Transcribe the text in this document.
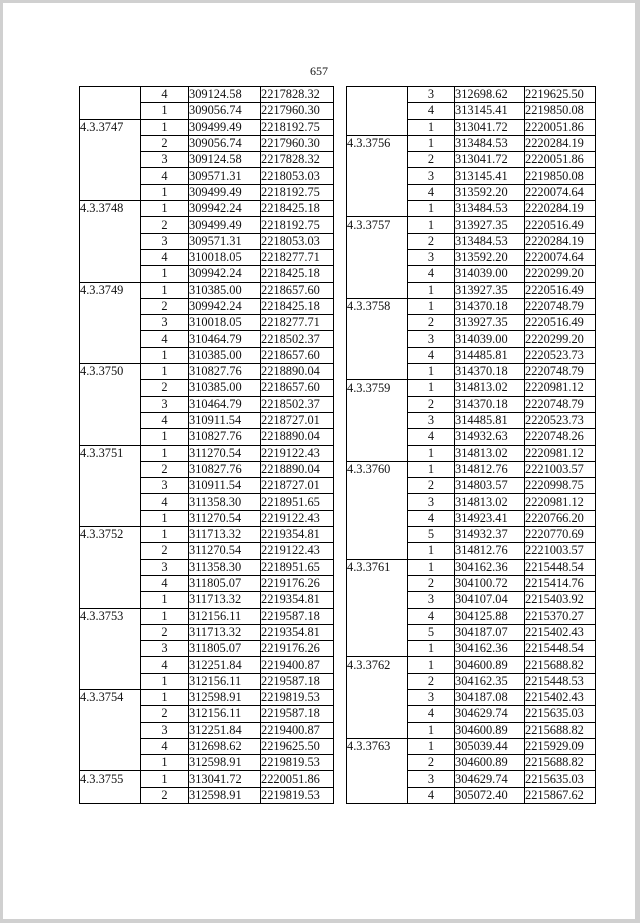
657
	4	309124.58	2217828.32
	1	309056.74	2217960.30
4.3.3747	1	309499.49	2218192.75
	2	309056.74	2217960.30
	3	309124.58	2217828.32
	4	309571.31	2218053.03
	1	309499.49	2218192.75
4.3.3748	1	309942.24	2218425.18
	2	309499.49	2218192.75
	3	309571.31	2218053.03
	4	310018.05	2218277.71
	1	309942.24	2218425.18
4.3.3749	1	310385.00	2218657.60
	2	309942.24	2218425.18
	3	310018.05	2218277.71
	4	310464.79	2218502.37
	1	310385.00	2218657.60
4.3.3750	1	310827.76	2218890.04
	2	310385.00	2218657.60
	3	310464.79	2218502.37
	4	310911.54	2218727.01
	1	310827.76	2218890.04
4.3.3751	1	311270.54	2219122.43
	2	310827.76	2218890.04
	3	310911.54	2218727.01
	4	311358.30	2218951.65
	1	311270.54	2219122.43
4.3.3752	1	311713.32	2219354.81
	2	311270.54	2219122.43
	3	311358.30	2218951.65
	4	311805.07	2219176.26
	1	311713.32	2219354.81
4.3.3753	1	312156.11	2219587.18
	2	311713.32	2219354.81
	3	311805.07	2219176.26
	4	312251.84	2219400.87
	1	312156.11	2219587.18
4.3.3754	1	312598.91	2219819.53
	2	312156.11	2219587.18
	3	312251.84	2219400.87
	4	312698.62	2219625.50
	1	312598.91	2219819.53
4.3.3755	1	313041.72	2220051.86
	2	312598.91	2219819.53
	3	312698.62	2219625.50
	4	313145.41	2219850.08
	1	313041.72	2220051.86
4.3.3756	1	313484.53	2220284.19
	2	313041.72	2220051.86
	3	313145.41	2219850.08
	4	313592.20	2220074.64
	1	313484.53	2220284.19
4.3.3757	1	313927.35	2220516.49
	2	313484.53	2220284.19
	3	313592.20	2220074.64
	4	314039.00	2220299.20
	1	313927.35	2220516.49
4.3.3758	1	314370.18	2220748.79
	2	313927.35	2220516.49
	3	314039.00	2220299.20
	4	314485.81	2220523.73
	1	314370.18	2220748.79
4.3.3759	1	314813.02	2220981.12
	2	314370.18	2220748.79
	3	314485.81	2220523.73
	4	314932.63	2220748.26
	1	314813.02	2220981.12
4.3.3760	1	314812.76	2221003.57
	2	314803.57	2220998.75
	3	314813.02	2220981.12
	4	314923.41	2220766.20
	5	314932.37	2220770.69
	1	314812.76	2221003.57
4.3.3761	1	304162.36	2215448.54
	2	304100.72	2215414.76
	3	304107.04	2215403.92
	4	304125.88	2215370.27
	5	304187.07	2215402.43
	1	304162.36	2215448.54
4.3.3762	1	304600.89	2215688.82
	2	304162.35	2215448.53
	3	304187.08	2215402.43
	4	304629.74	2215635.03
	1	304600.89	2215688.82
4.3.3763	1	305039.44	2215929.09
	2	304600.89	2215688.82
	3	304629.74	2215635.03
	4	305072.40	2215867.62
